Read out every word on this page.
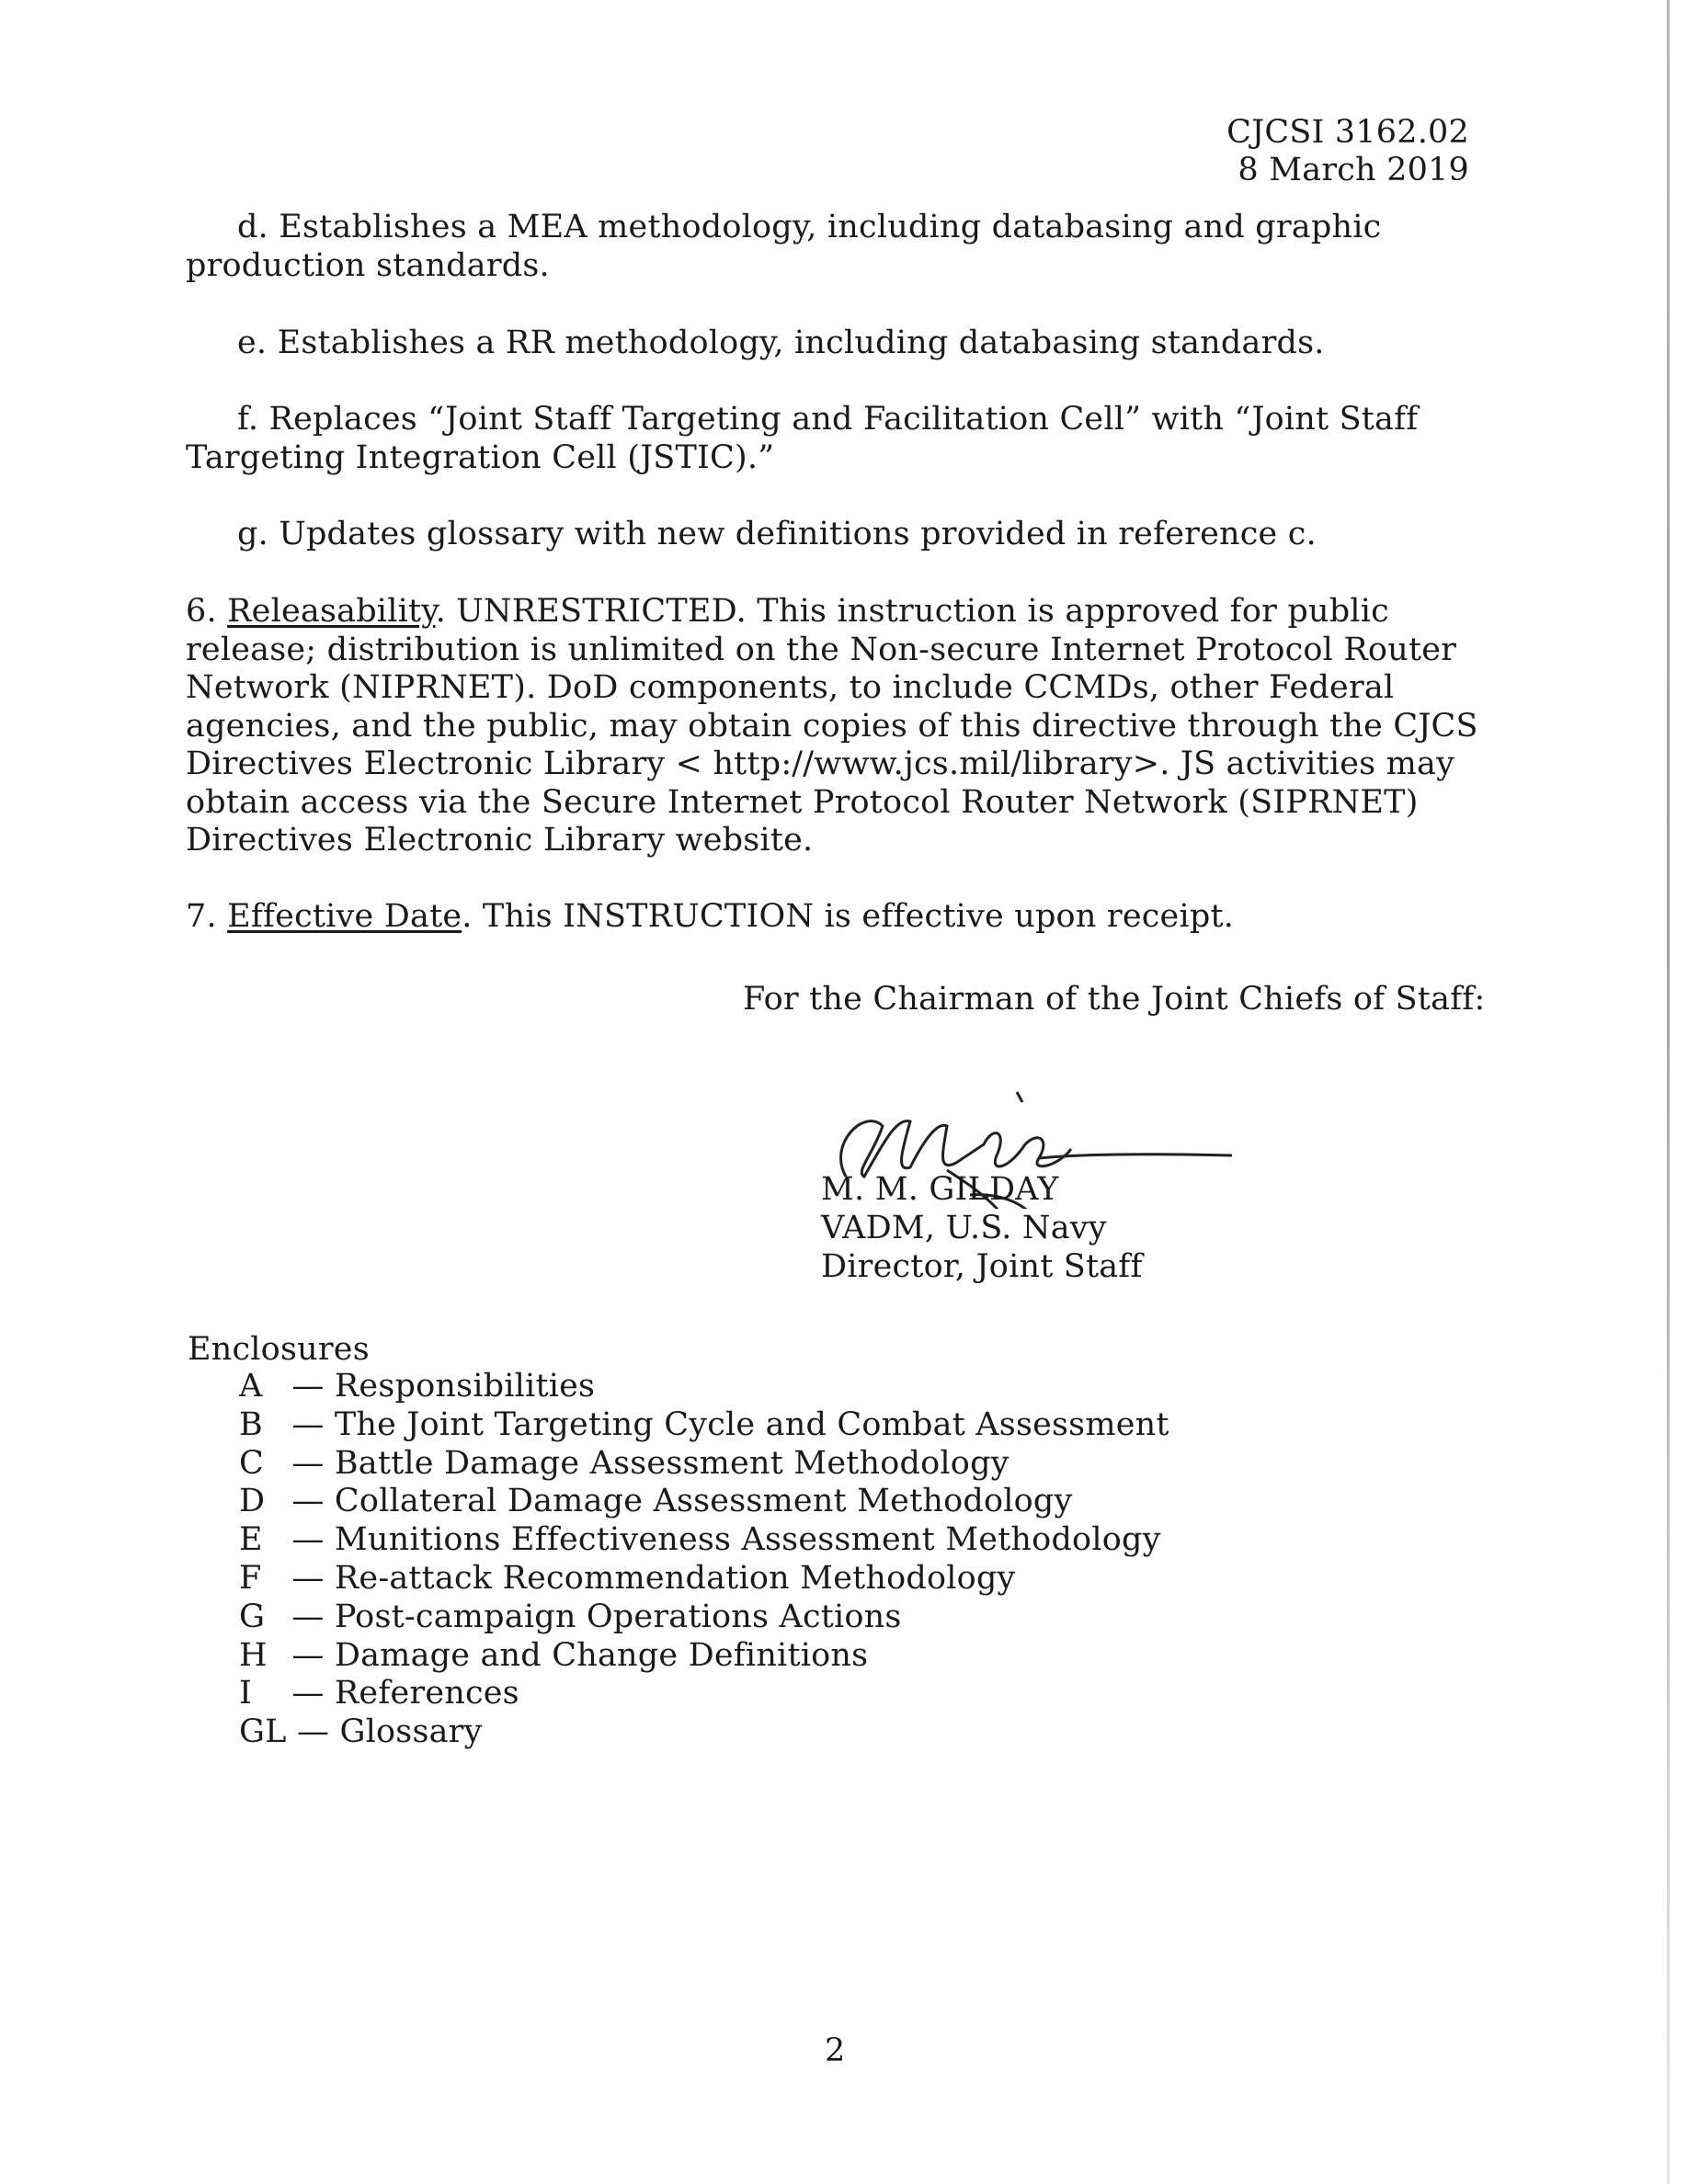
CJCSI 3162.02
8 March 2019

d. Establishes a MEA methodology, including databasing and graphic production standards.

e. Establishes a RR methodology, including databasing standards.

f. Replaces “Joint Staff Targeting and Facilitation Cell” with “Joint Staff Targeting Integration Cell (JSTIC).”

g. Updates glossary with new definitions provided in reference c.

6. Releasability. UNRESTRICTED. This instruction is approved for public release; distribution is unlimited on the Non-secure Internet Protocol Router Network (NIPRNET). DoD components, to include CCMDs, other Federal agencies, and the public, may obtain copies of this directive through the CJCS Directives Electronic Library < http://www.jcs.mil/library>. JS activities may obtain access via the Secure Internet Protocol Router Network (SIPRNET) Directives Electronic Library website.

7. Effective Date. This INSTRUCTION is effective upon receipt.

For the Chairman of the Joint Chiefs of Staff:
M. M. GILDAY
VADM, U.S. Navy
Director, Joint Staff
Enclosures
A — Responsibilities
B — The Joint Targeting Cycle and Combat Assessment
C — Battle Damage Assessment Methodology
D — Collateral Damage Assessment Methodology
E — Munitions Effectiveness Assessment Methodology
F — Re-attack Recommendation Methodology
G — Post-campaign Operations Actions
H — Damage and Change Definitions
I — References
GL — Glossary
2
